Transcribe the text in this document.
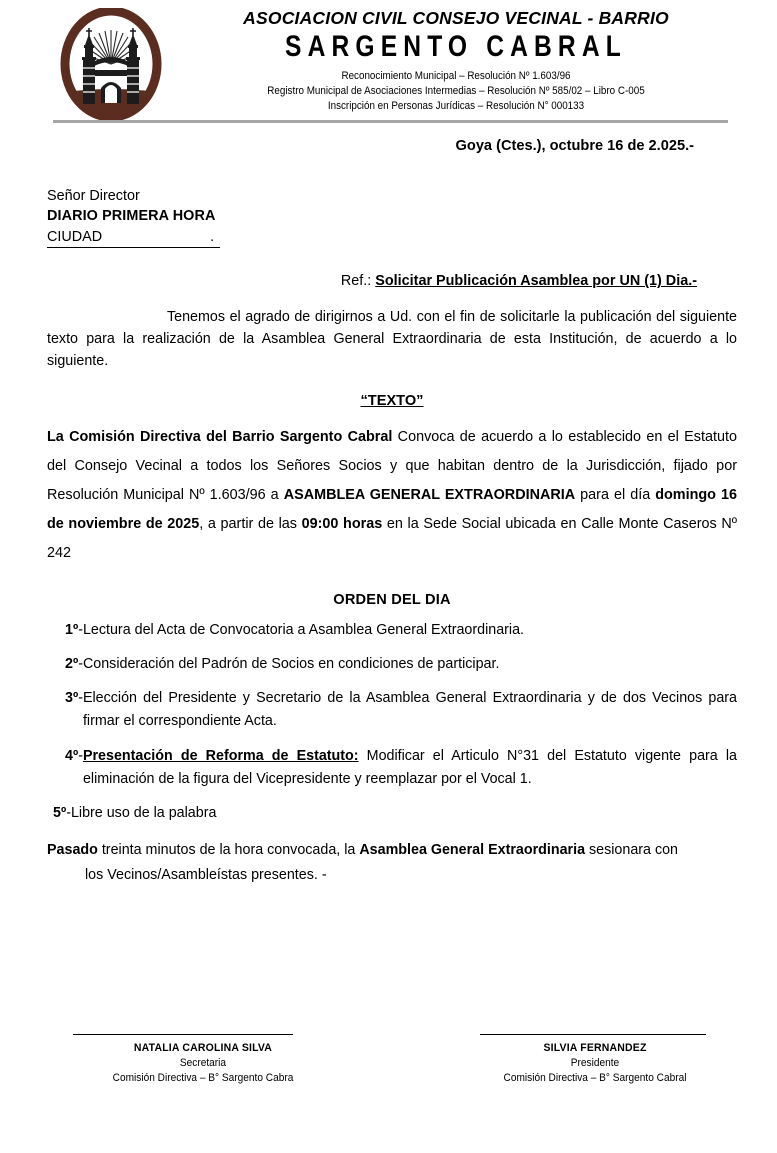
ASOCIACION CIVIL CONSEJO VECINAL - BARRIO
SARGENTO CABRAL
Reconocimiento Municipal – Resolución Nº 1.603/96
Registro Municipal de Asociaciones Intermedias – Resolución Nº 585/02 – Libro C-005
Inscripción en Personas Jurídicas – Resolución N° 000133
Goya (Ctes.), octubre 16 de 2.025.-
Señor Director
DIARIO PRIMERA HORA
CIUDAD	.
Ref.: Solicitar Publicación Asamblea por UN (1) Dia.-
Tenemos el agrado de dirigirnos a Ud. con el fin de solicitarle la publicación del siguiente texto para la realización de la Asamblea General Extraordinaria de esta Institución, de acuerdo a lo siguiente.
“TEXTO”
La Comisión Directiva del Barrio Sargento Cabral Convoca de acuerdo a lo establecido en el Estatuto del Consejo Vecinal a todos los Señores Socios y que habitan dentro de la Jurisdicción, fijado por Resolución Municipal Nº 1.603/96 a ASAMBLEA GENERAL EXTRAORDINARIA para el día domingo 16 de noviembre de 2025, a partir de las 09:00 horas en la Sede Social ubicada en Calle Monte Caseros Nº 242
ORDEN DEL DIA
1º - Lectura del Acta de Convocatoria a Asamblea General Extraordinaria.
2º - Consideración del Padrón de Socios en condiciones de participar.
3º - Elección del Presidente y Secretario de la Asamblea General Extraordinaria y de dos Vecinos para firmar el correspondiente Acta.
4º - Presentación de Reforma de Estatuto: Modificar el Articulo N°31 del Estatuto vigente para la eliminación de la figura del Vicepresidente y reemplazar por el Vocal 1.
5º - Libre uso de la palabra
Pasado treinta minutos de la hora convocada, la Asamblea General Extraordinaria sesionara con
los Vecinos/Asambleístas presentes. -
NATALIA CAROLINA SILVA
Secretaria
Comisión Directiva – B° Sargento Cabra
SILVIA FERNANDEZ
Presidente
Comisión Directiva – B° Sargento Cabral
